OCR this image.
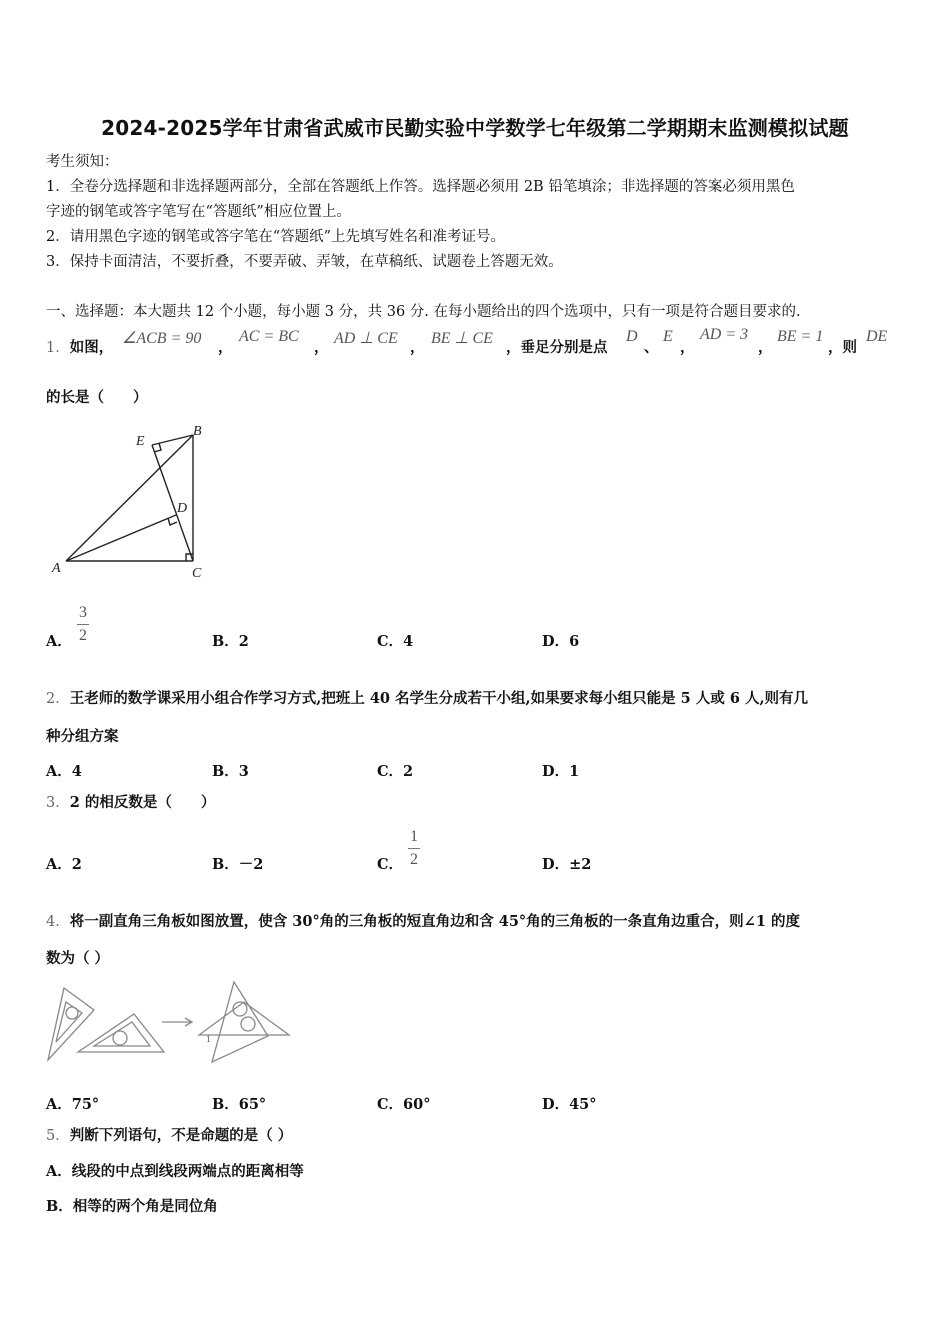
2024-2025学年甘肃省武威市民勤实验中学数学七年级第二学期期末监测模拟试题
考生须知：
1．全卷分选择题和非选择题两部分，全部在答题纸上作答。选择题必须用 2B 铅笔填涂；非选择题的答案必须用黑色
字迹的钢笔或答字笔写在“答题纸”相应位置上。
2．请用黑色字迹的钢笔或答字笔在“答题纸”上先填写姓名和准考证号。
3．保持卡面清洁，不要折叠，不要弄破、弄皱，在草稿纸、试题卷上答题无效。
一、选择题：本大题共 12 个小题，每小题 3 分，共 36 分. 在每小题给出的四个选项中，只有一项是符合题目要求的.
1．如图，
∠ACB = 90
，
AC = BC
，
AD ⊥ CE
，
BE ⊥ CE
，垂足分别是点
D
、
E
，
AD = 3
，
BE = 1
，则
DE
的长是（　　）
A
B
C
D
E
A．
3
2	B．2	C．4	D．6
2．王老师的数学课采用小组合作学习方式,把班上 40 名学生分成若干小组,如果要求每小组只能是 5 人或 6 人,则有几
种分组方案
A．4	B．3	C．2	D．1
3．2 的相反数是（　　）
A．2	B．－2	C．
1
2	D．±2
4．将一副直角三角板如图放置，使含 30°角的三角板的短直角边和含 45°角的三角板的一条直角边重合，则∠1 的度
数为（ ）
1
A．75°	B．65°	C．60°	D．45°
5．判断下列语句，不是命题的是（ ）
A．线段的中点到线段两端点的距离相等
B．相等的两个角是同位角
